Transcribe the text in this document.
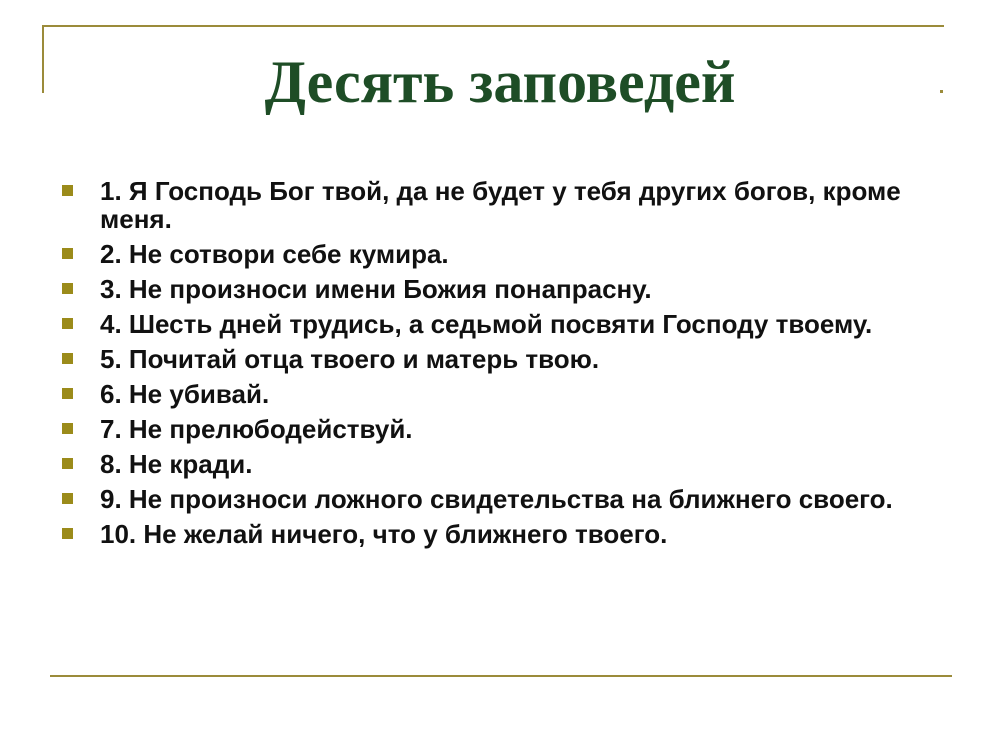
Десять заповедей
1. Я Господь Бог твой, да не будет у тебя других богов, кроме меня.
2. Не сотвори себе кумира.
3. Не произноси имени Божия понапрасну.
4. Шесть дней трудись, а седьмой посвяти Господу твоему.
5. Почитай отца твоего и матерь твою.
6. Не убивай.
7. Не прелюбодействуй.
8. Не кради.
9. Не произноси ложного свидетельства на ближнего своего.
10. Не желай ничего, что у ближнего твоего.
